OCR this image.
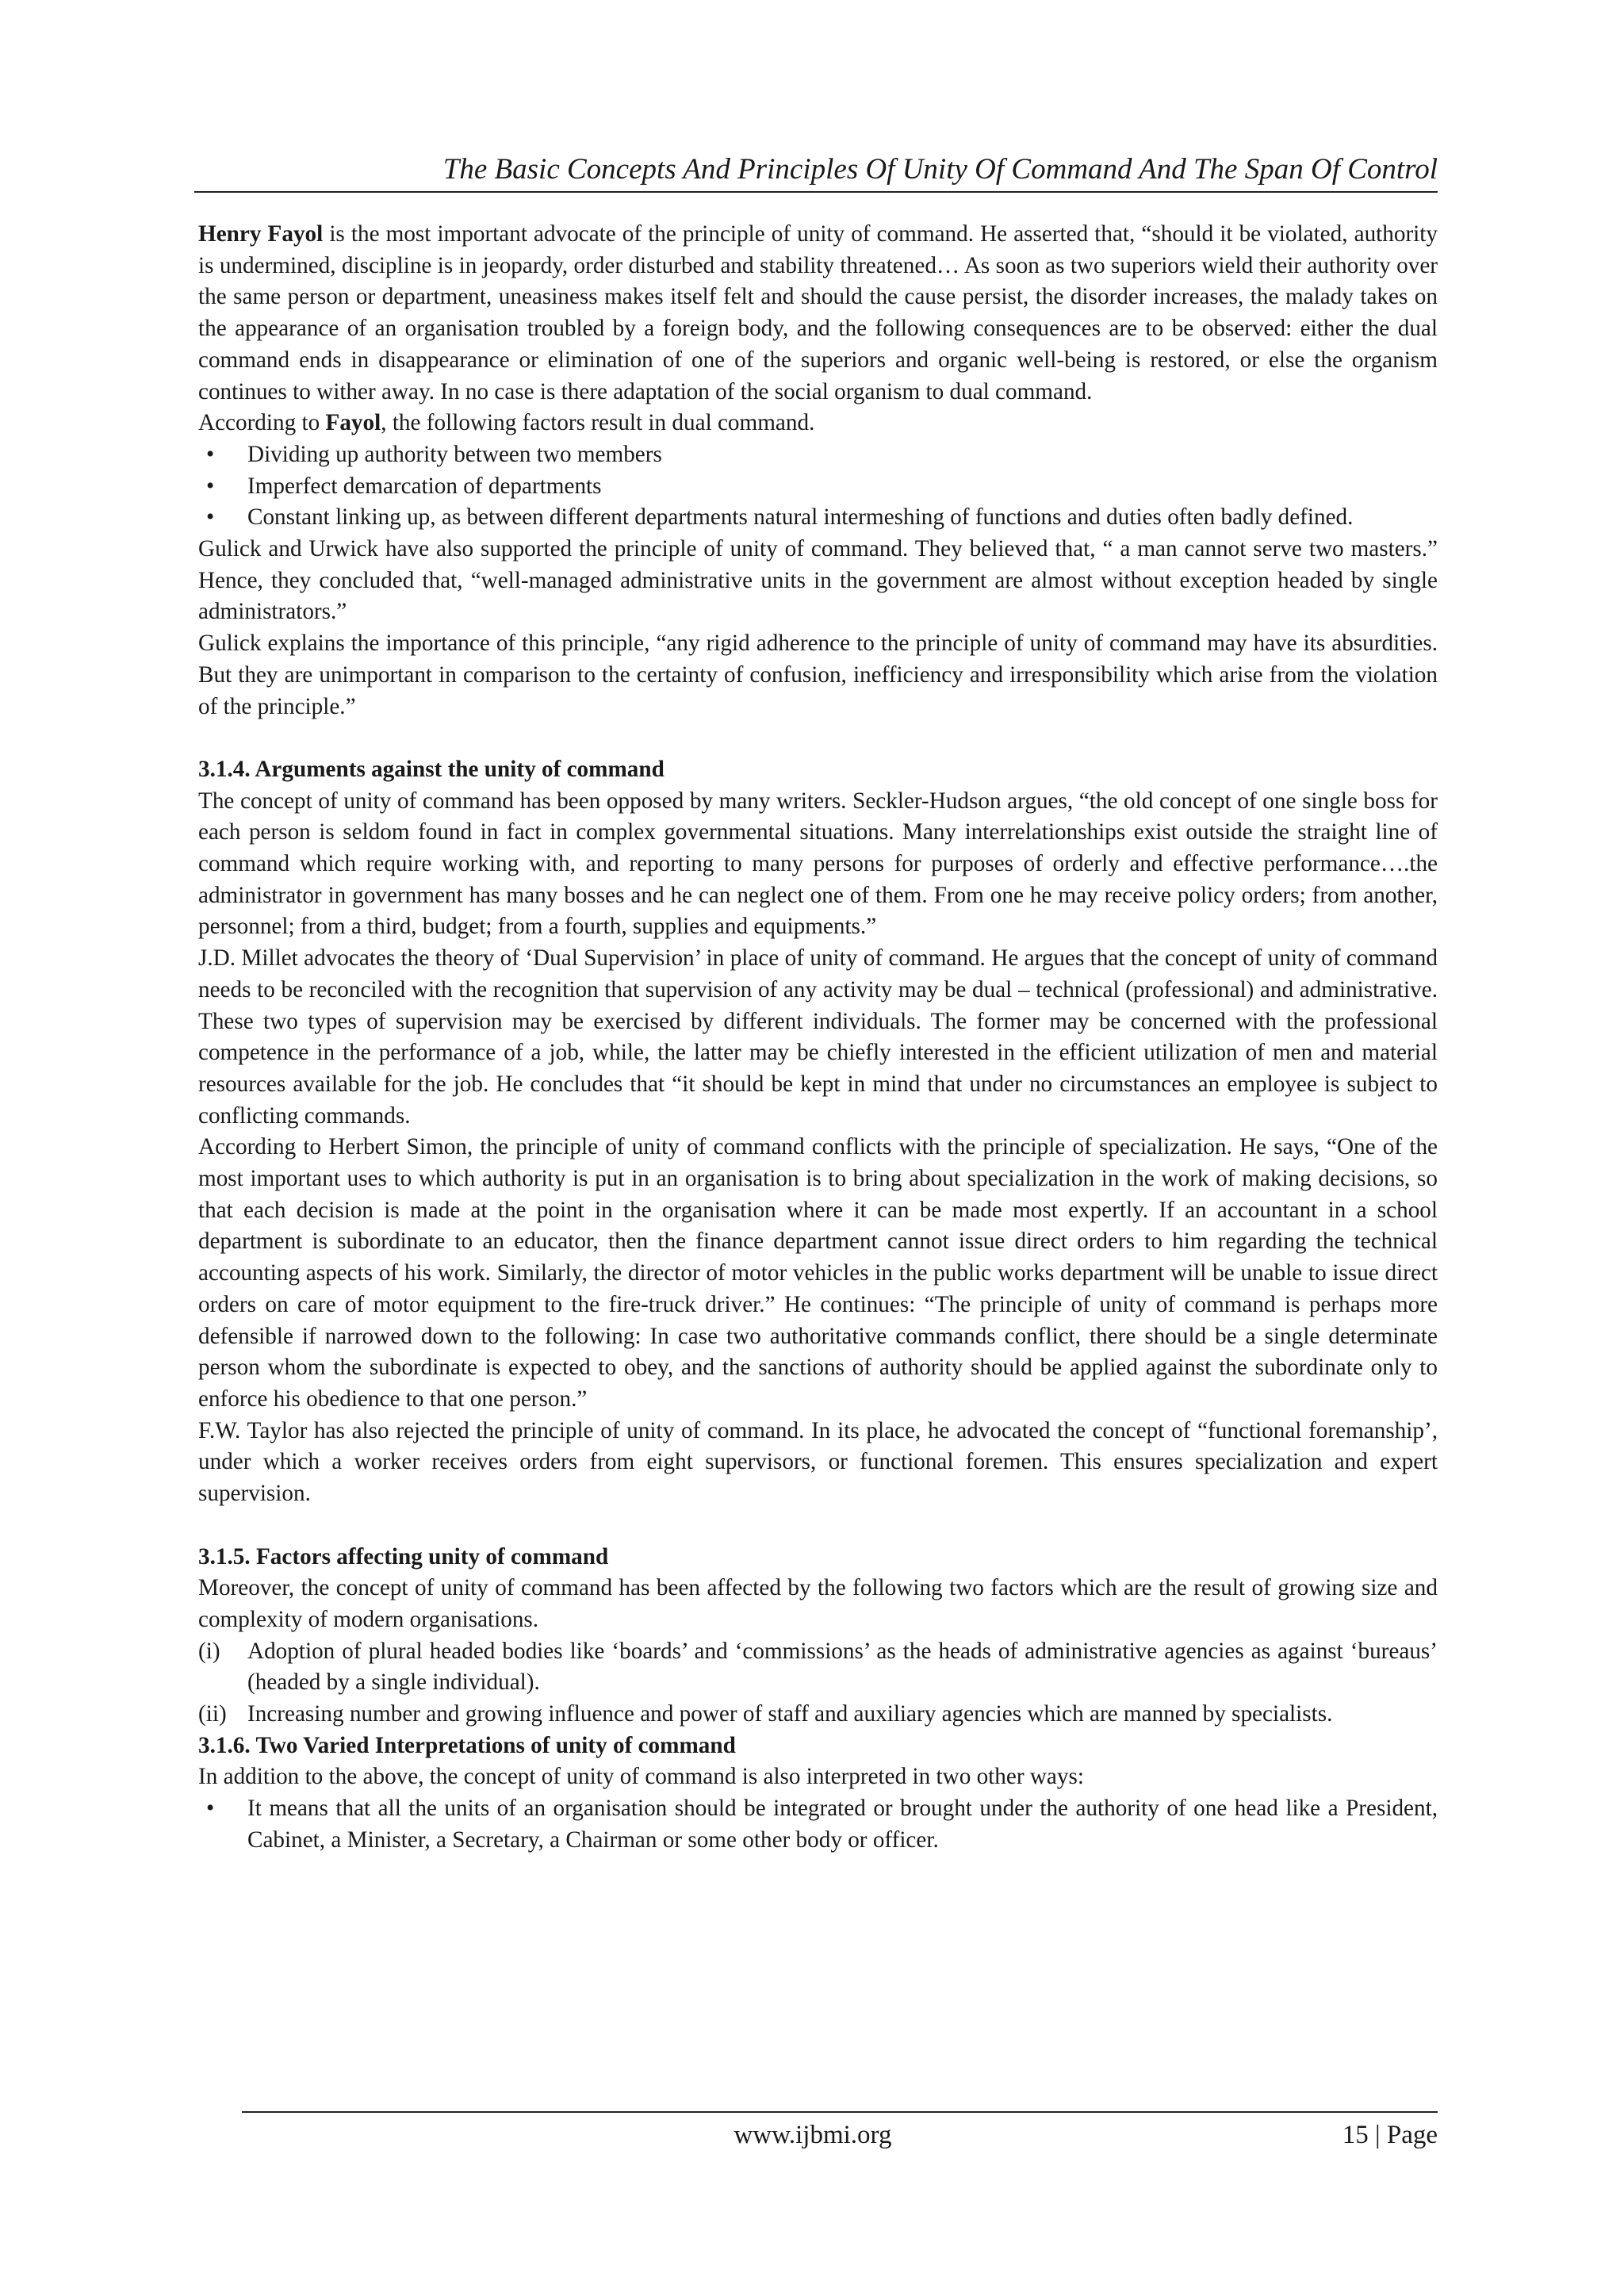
The Basic Concepts And Principles Of Unity Of Command And The Span Of Control

Henry Fayol is the most important advocate of the principle of unity of command. He asserted that, “should it be violated, authority is undermined, discipline is in jeopardy, order disturbed and stability threatened… As soon as two superiors wield their authority over the same person or department, uneasiness makes itself felt and should the cause persist, the disorder increases, the malady takes on the appearance of an organisation troubled by a foreign body, and the following consequences are to be observed: either the dual command ends in disappearance or elimination of one of the superiors and organic well-being is restored, or else the organism continues to wither away. In no case is there adaptation of the social organism to dual command.

According to Fayol, the following factors result in dual command.

• Dividing up authority between two members
• Imperfect demarcation of departments
• Constant linking up, as between different departments natural intermeshing of functions and duties often badly defined.

Gulick and Urwick have also supported the principle of unity of command. They believed that, “ a man cannot serve two masters.” Hence, they concluded that, “well-managed administrative units in the government are almost without exception headed by single administrators.”

Gulick explains the importance of this principle, “any rigid adherence to the principle of unity of command may have its absurdities. But they are unimportant in comparison to the certainty of confusion, inefficiency and irresponsibility which arise from the violation of the principle.”

3.1.4. Arguments against the unity of command

The concept of unity of command has been opposed by many writers. Seckler-Hudson argues, “the old concept of one single boss for each person is seldom found in fact in complex governmental situations. Many interrelationships exist outside the straight line of command which require working with, and reporting to many persons for purposes of orderly and effective performance….the administrator in government has many bosses and he can neglect one of them. From one he may receive policy orders; from another, personnel; from a third, budget; from a fourth, supplies and equipments.”

J.D. Millet advocates the theory of ‘Dual Supervision’ in place of unity of command. He argues that the concept of unity of command needs to be reconciled with the recognition that supervision of any activity may be dual – technical (professional) and administrative. These two types of supervision may be exercised by different individuals. The former may be concerned with the professional competence in the performance of a job, while, the latter may be chiefly interested in the efficient utilization of men and material resources available for the job. He concludes that “it should be kept in mind that under no circumstances an employee is subject to conflicting commands.

According to Herbert Simon, the principle of unity of command conflicts with the principle of specialization. He says, “One of the most important uses to which authority is put in an organisation is to bring about specialization in the work of making decisions, so that each decision is made at the point in the organisation where it can be made most expertly. If an accountant in a school department is subordinate to an educator, then the finance department cannot issue direct orders to him regarding the technical accounting aspects of his work. Similarly, the director of motor vehicles in the public works department will be unable to issue direct orders on care of motor equipment to the fire-truck driver.” He continues: “The principle of unity of command is perhaps more defensible if narrowed down to the following: In case two authoritative commands conflict, there should be a single determinate person whom the subordinate is expected to obey, and the sanctions of authority should be applied against the subordinate only to enforce his obedience to that one person.”

F.W. Taylor has also rejected the principle of unity of command. In its place, he advocated the concept of “functional foremanship’, under which a worker receives orders from eight supervisors, or functional foremen. This ensures specialization and expert supervision.

3.1.5. Factors affecting unity of command

Moreover, the concept of unity of command has been affected by the following two factors which are the result of growing size and complexity of modern organisations.

(i) Adoption of plural headed bodies like ‘boards’ and ‘commissions’ as the heads of administrative agencies as against ‘bureaus’ (headed by a single individual).
(ii) Increasing number and growing influence and power of staff and auxiliary agencies which are manned by specialists.
3.1.6. Two Varied Interpretations of unity of command

In addition to the above, the concept of unity of command is also interpreted in two other ways:

• It means that all the units of an organisation should be integrated or brought under the authority of one head like a President, Cabinet, a Minister, a Secretary, a Chairman or some other body or officer.
www.ijbmi.org	15 | Page
